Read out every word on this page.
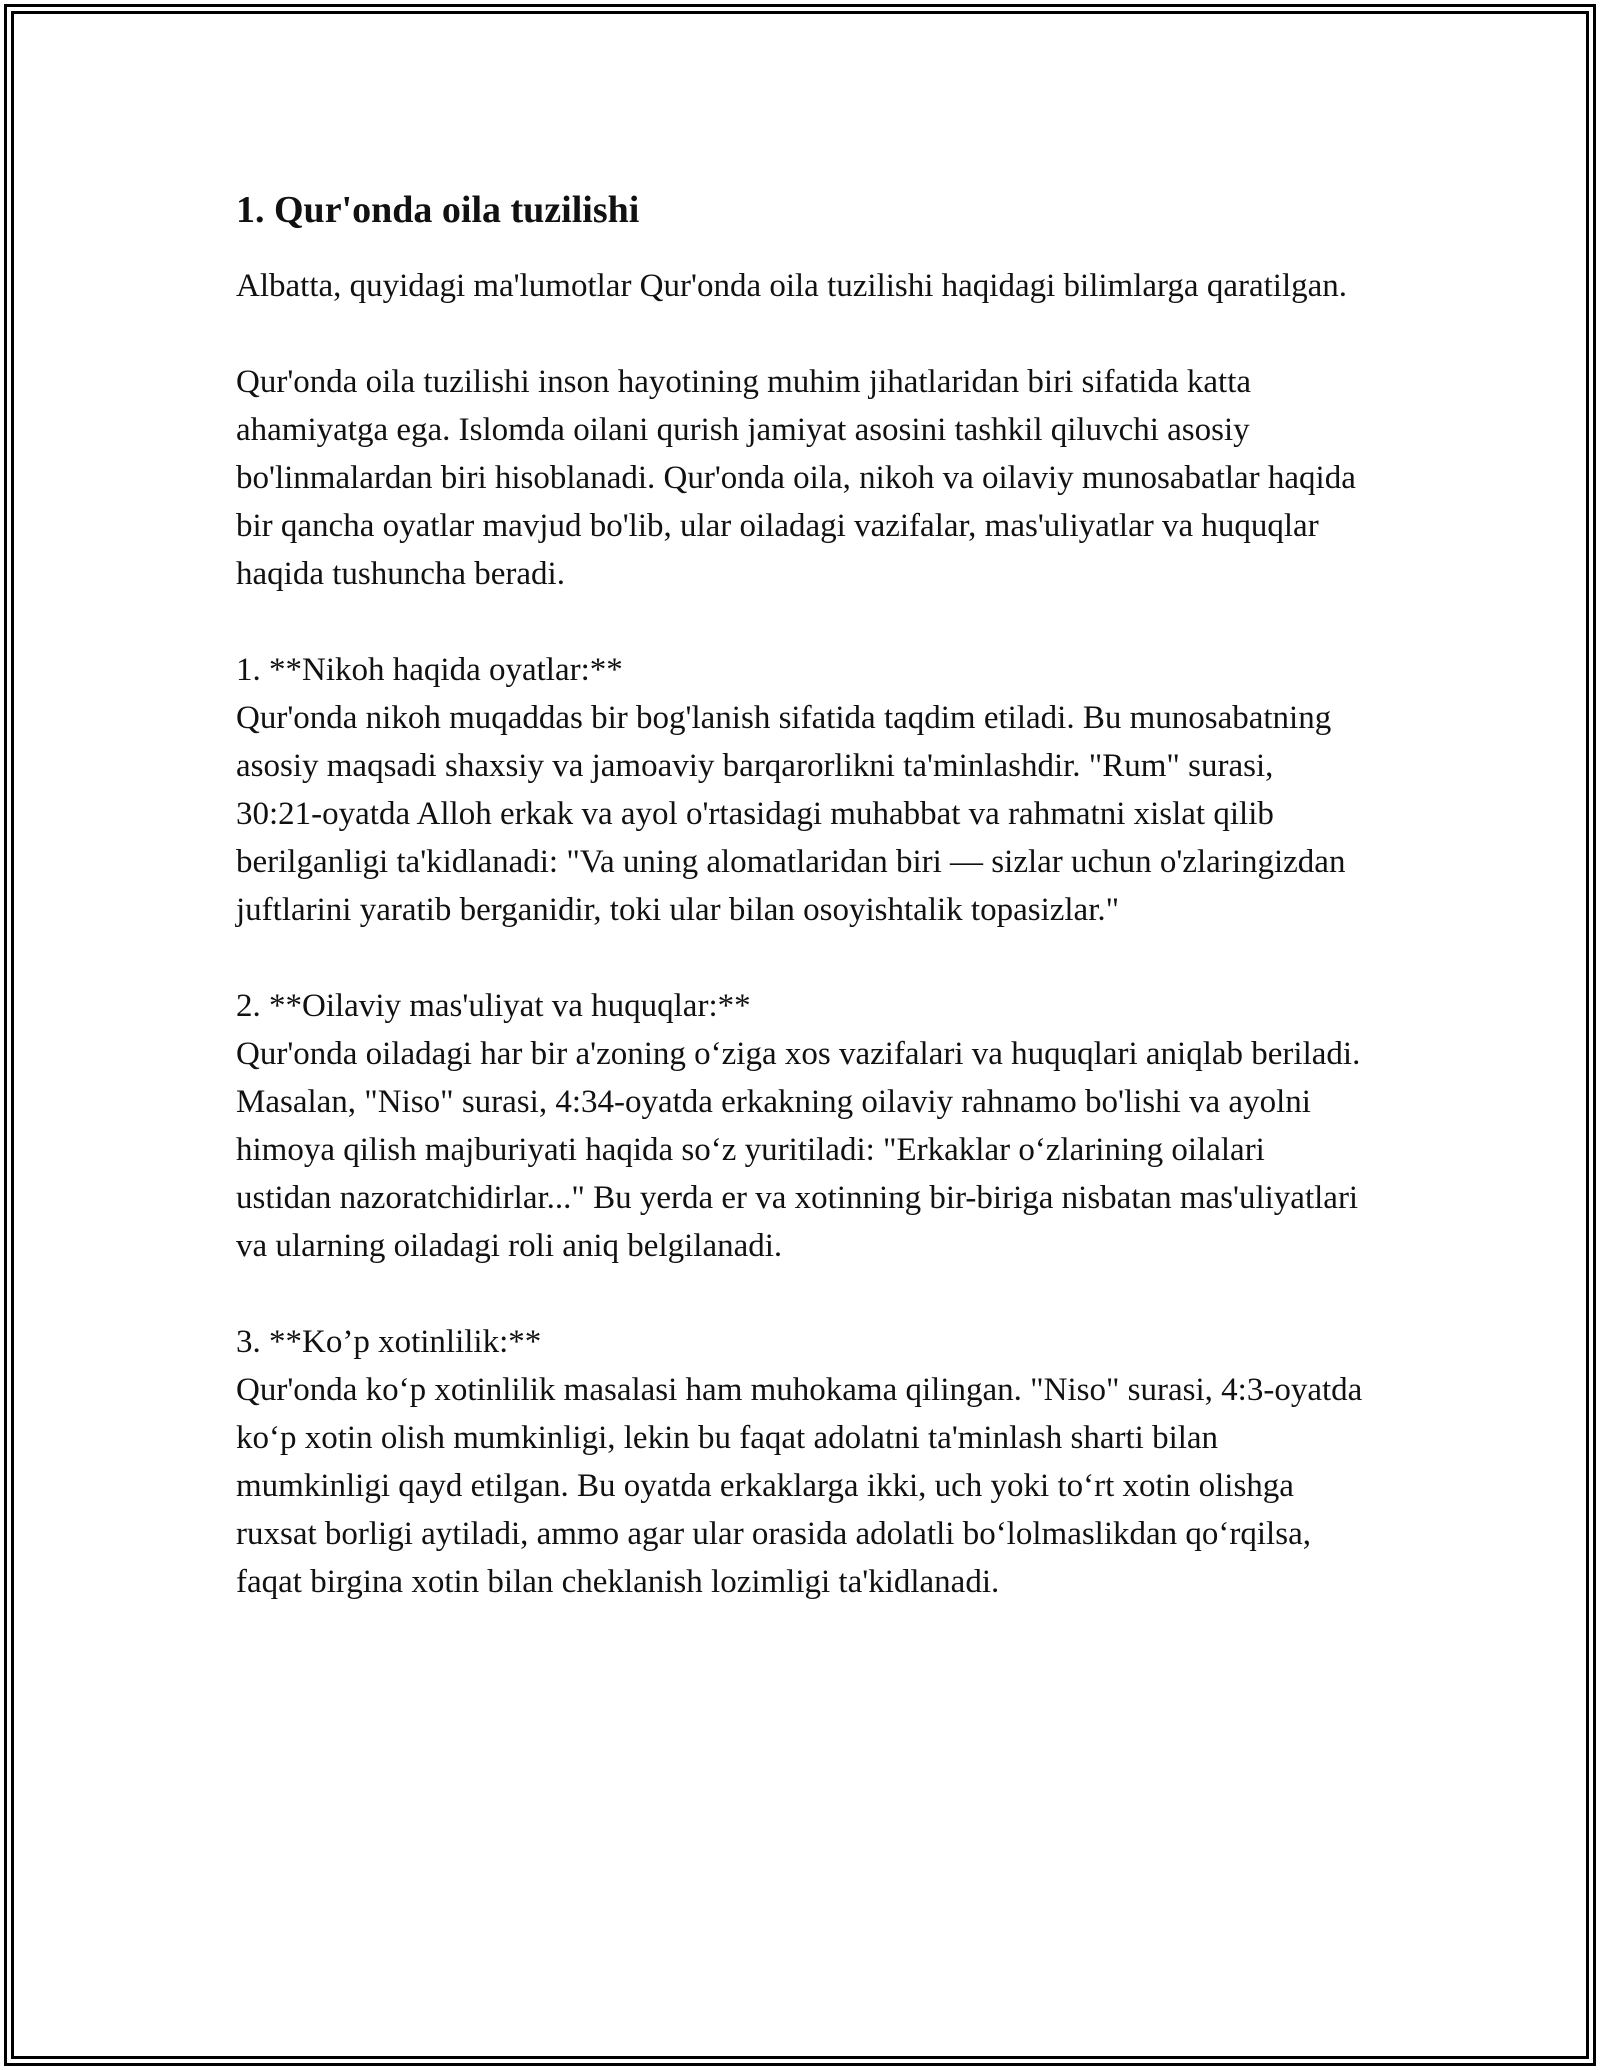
1. Qur'onda oila tuzilishi

Albatta, quyidagi ma'lumotlar Qur'onda oila tuzilishi haqidagi bilimlarga qaratilgan.

Qur'onda oila tuzilishi inson hayotining muhim jihatlaridan biri sifatida katta ahamiyatga ega. Islomda oilani qurish jamiyat asosini tashkil qiluvchi asosiy bo'linmalardan biri hisoblanadi. Qur'onda oila, nikoh va oilaviy munosabatlar haqida bir qancha oyatlar mavjud bo'lib, ular oiladagi vazifalar, mas'uliyatlar va huquqlar haqida tushuncha beradi.

1. **Nikoh haqida oyatlar:**

Qur'onda nikoh muqaddas bir bog'lanish sifatida taqdim etiladi. Bu munosabatning asosiy maqsadi shaxsiy va jamoaviy barqarorlikni ta'minlashdir. "Rum" surasi, 30:21-oyatda Alloh erkak va ayol o'rtasidagi muhabbat va rahmatni xislat qilib berilganligi ta'kidlanadi: "Va uning alomatlaridan biri — sizlar uchun o'zlaringizdan juftlarini yaratib berganidir, toki ular bilan osoyishtalik topasizlar."

2. **Oilaviy mas'uliyat va huquqlar:**

Qur'onda oiladagi har bir a'zoning o‘ziga xos vazifalari va huquqlari aniqlab beriladi. Masalan, "Niso" surasi, 4:34-oyatda erkakning oilaviy rahnamo bo'lishi va ayolni himoya qilish majburiyati haqida so‘z yuritiladi: "Erkaklar o‘zlarining oilalari ustidan nazoratchidirlar..." Bu yerda er va xotinning bir-biriga nisbatan mas'uliyatlari va ularning oiladagi roli aniq belgilanadi.

3. **Ko’p xotinlilik:**

Qur'onda ko‘p xotinlilik masalasi ham muhokama qilingan. "Niso" surasi, 4:3-oyatda ko‘p xotin olish mumkinligi, lekin bu faqat adolatni ta'minlash sharti bilan mumkinligi qayd etilgan. Bu oyatda erkaklarga ikki, uch yoki to‘rt xotin olishga ruxsat borligi aytiladi, ammo agar ular orasida adolatli bo‘lolmaslikdan qo‘rqilsa, faqat birgina xotin bilan cheklanish lozimligi ta'kidlanadi.
